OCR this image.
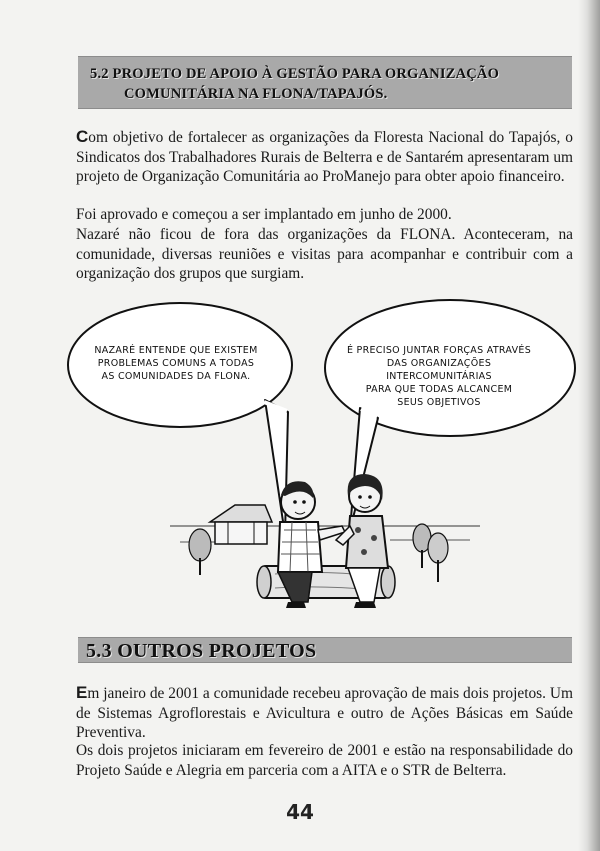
5.2 PROJETO DE APOIO À GESTÃO PARA ORGANIZAÇÃO
COMUNITÁRIA NA FLONA/TAPAJÓS.

Com objetivo de fortalecer as organizações da Floresta Nacional do Tapajós, o Sindicatos dos Trabalhadores Rurais de Belterra e de Santarém apresentaram um projeto de Organização Comunitária ao ProManejo para obter apoio financeiro.

Foi aprovado e começou a ser implantado em junho de 2000.

Nazaré não ficou de fora das organizações da FLONA. Aconteceram, na comunidade, diversas reuniões e visitas para acompanhar e contribuir com a organização dos grupos que surgiam.

NAZARÉ ENTENDE QUE EXISTEM
PROBLEMAS COMUNS A TODAS
AS COMUNIDADES DA FLONA.
É PRECISO JUNTAR FORÇAS ATRAVÉS
DAS ORGANIZAÇÕES INTERCOMUNITÁRIAS
PARA QUE TODAS ALCANCEM
SEUS OBJETIVOS
5.3 OUTROS PROJETOS

Em janeiro de 2001 a comunidade recebeu aprovação de mais dois projetos. Um de Sistemas Agroflorestais e Avicultura e outro de Ações Básicas em Saúde Preventiva.

Os dois projetos iniciaram em fevereiro de 2001 e estão na responsabilidade do Projeto Saúde e Alegria em parceria com a AITA e o STR de Belterra.

44
